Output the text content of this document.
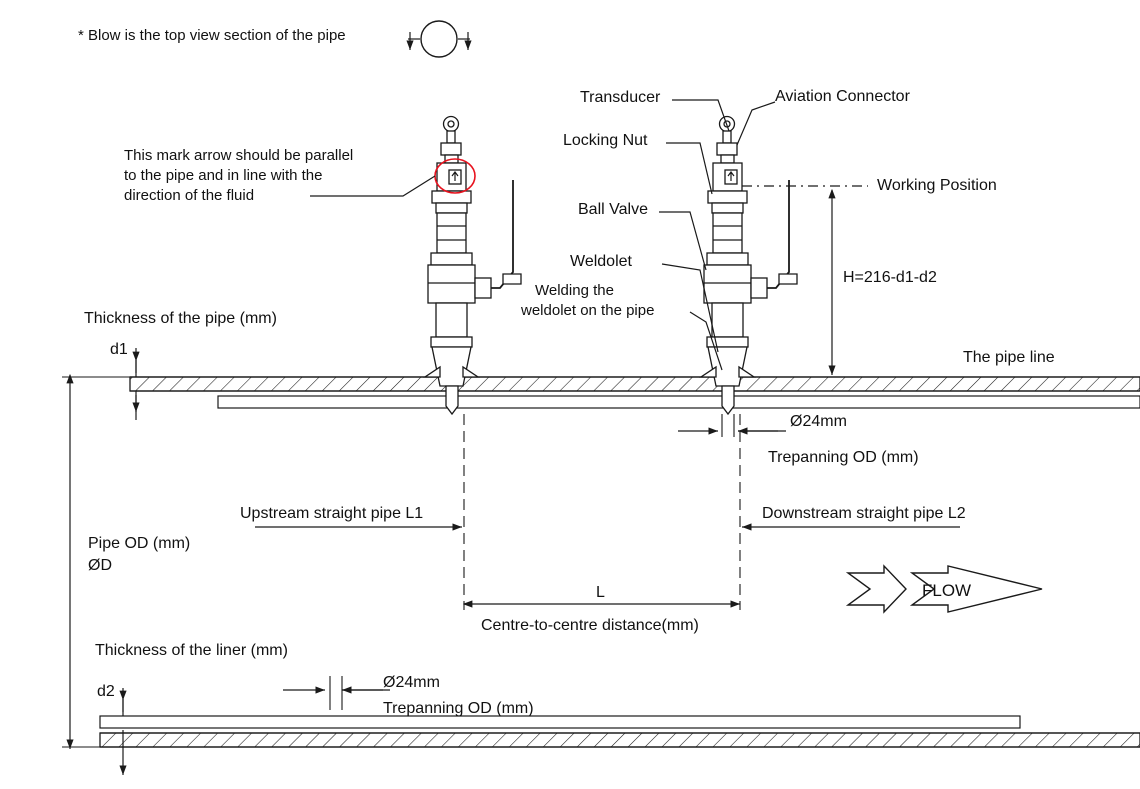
* Blow is the top view section of the pipe
This mark arrow should be parallel
to the pipe and in line with the
direction of the fluid
Transducer	Aviation Connector
Locking Nut
Working Position
Ball Valve
Weldolet
Welding the
weldolet on the pipe
H=216-d1-d2
Thickness of the pipe (mm)
d1	The pipe line
Ø24mm
Trepanning OD (mm)
Upstream straight pipe L1	Downstream straight pipe L2
Pipe OD (mm)
ØD
L
Centre-to-centre distance(mm)
FLOW
Thickness of the liner (mm)
d2
Ø24mm
Trepanning OD (mm)
